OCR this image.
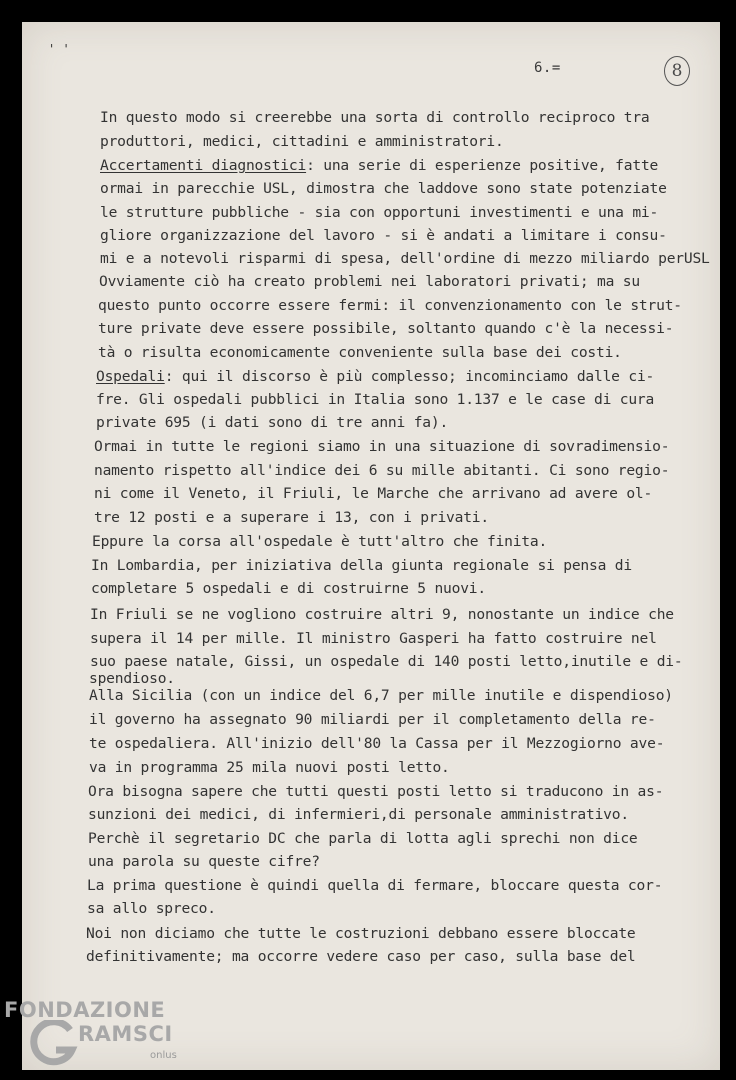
' '
6.=	8
In questo modo si creerebbe una sorta di controllo reciproco tra
produttori, medici, cittadini e amministratori.
Accertamenti diagnostici: una serie di esperienze positive, fatte
ormai in parecchie USL, dimostra che laddove sono state potenziate
le strutture pubbliche - sia con opportuni investimenti e una mi-
gliore organizzazione del lavoro - si è andati a limitare i consu-
mi e a notevoli risparmi di spesa, dell'ordine di mezzo miliardo perUSL
Ovviamente ciò ha creato problemi nei laboratori privati; ma su
questo punto occorre essere fermi: il convenzionamento con le strut-
ture private deve essere possibile, soltanto quando c'è la necessi-
tà o risulta economicamente conveniente sulla base dei costi.
Ospedali: qui il discorso è più complesso; incominciamo dalle ci-
fre. Gli ospedali pubblici in Italia sono 1.137 e le case di cura
private 695 (i dati sono di tre anni fa).
Ormai in tutte le regioni siamo in una situazione di sovradimensio-
namento rispetto all'indice dei 6 su mille abitanti. Ci sono regio-
ni come il Veneto, il Friuli, le Marche che arrivano ad avere ol-
tre 12 posti e a superare i 13, con i privati.
Eppure la corsa all'ospedale è tutt'altro che finita.
In Lombardia, per iniziativa della giunta regionale si pensa di
completare 5 ospedali e di costruirne 5 nuovi.
In Friuli se ne vogliono costruire altri 9, nonostante un indice che
supera il 14 per mille. Il ministro Gasperi ha fatto costruire nel
suo paese natale, Gissi, un ospedale di 140 posti letto,inutile e di-
spendioso.
Alla Sicilia (con un indice del 6,7 per mille inutile e dispendioso)
il governo ha assegnato 90 miliardi per il completamento della re-
te ospedaliera. All'inizio dell'80 la Cassa per il Mezzogiorno ave-
va in programma 25 mila nuovi posti letto.
Ora bisogna sapere che tutti questi posti letto si traducono in as-
sunzioni dei medici, di infermieri,di personale amministrativo.
Perchè il segretario DC che parla di lotta agli sprechi non dice
una parola su queste cifre?
La prima questione è quindi quella di fermare, bloccare questa cor-
sa allo spreco.
Noi non diciamo che tutte le costruzioni debbano essere bloccate
definitivamente; ma occorre vedere caso per caso, sulla base del
FONDAZIONE
RAMSCI
onlus
